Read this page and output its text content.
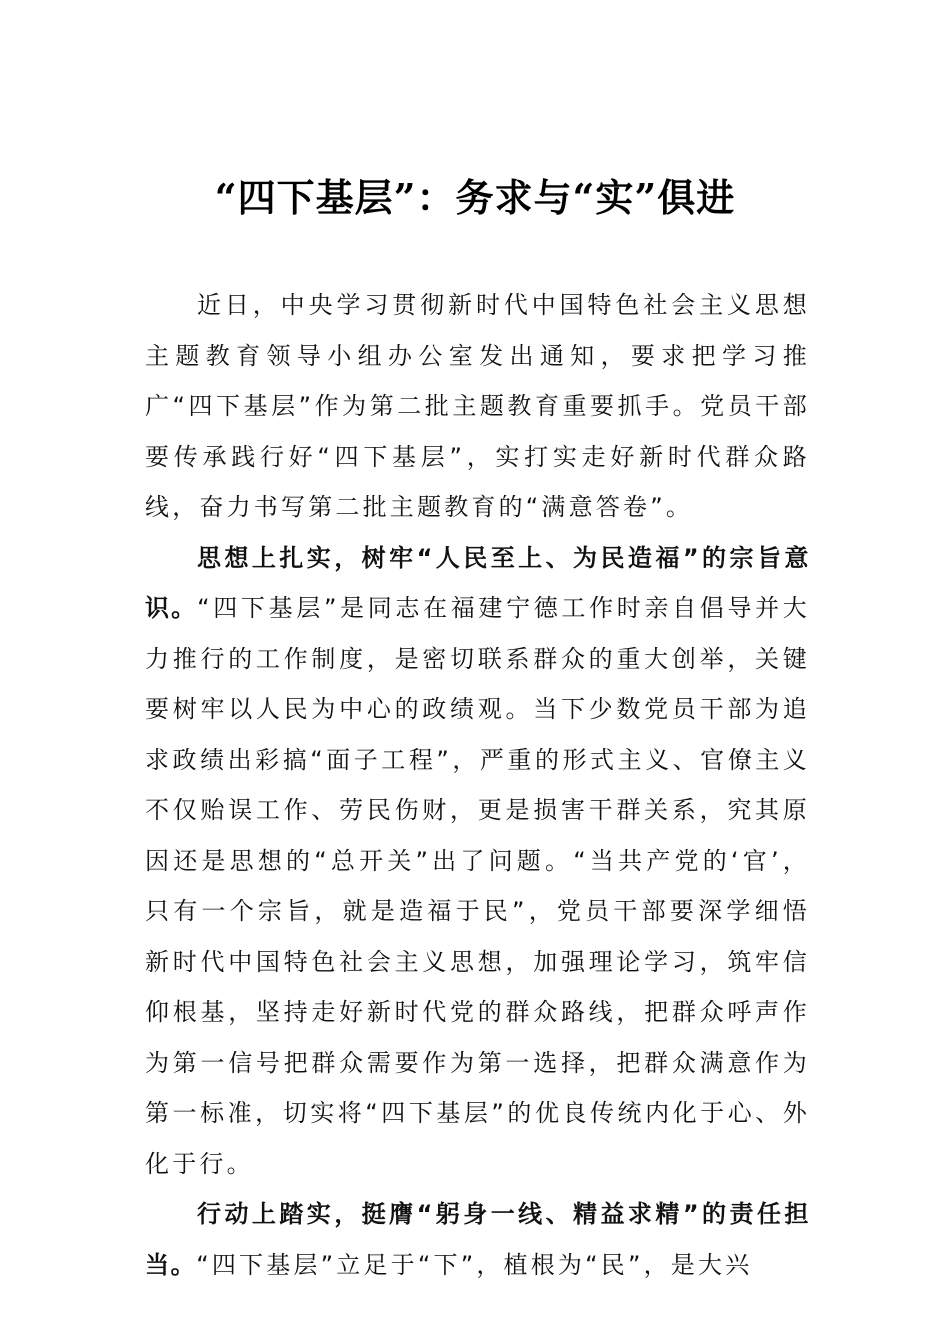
“四下基层”：务求与“实”俱进

近日，中央学习贯彻新时代中国特色社会主义思想主题教育领导小组办公室发出通知，要求把学习推广“四下基层”作为第二批主题教育重要抓手。党员干部要传承践行好“四下基层”，实打实走好新时代群众路线，奋力书写第二批主题教育的“满意答卷”。

思想上扎实，树牢“人民至上、为民造福”的宗旨意识。“四下基层”是同志在福建宁德工作时亲自倡导并大力推行的工作制度，是密切联系群众的重大创举，关键要树牢以人民为中心的政绩观。当下少数党员干部为追求政绩出彩搞“面子工程”，严重的形式主义、官僚主义不仅贻误工作、劳民伤财，更是损害干群关系，究其原因还是思想的“总开关”出了问题。“当共产党的‘官’，只有一个宗旨，就是造福于民”，党员干部要深学细悟新时代中国特色社会主义思想，加强理论学习，筑牢信仰根基，坚持走好新时代党的群众路线，把群众呼声作为第一信号把群众需要作为第一选择，把群众满意作为第一标准，切实将“四下基层”的优良传统内化于心、外化于行。

行动上踏实，挺膺“躬身一线、精益求精”的责任担当。“四下基层”立足于“下”，植根为“民”，是大兴
